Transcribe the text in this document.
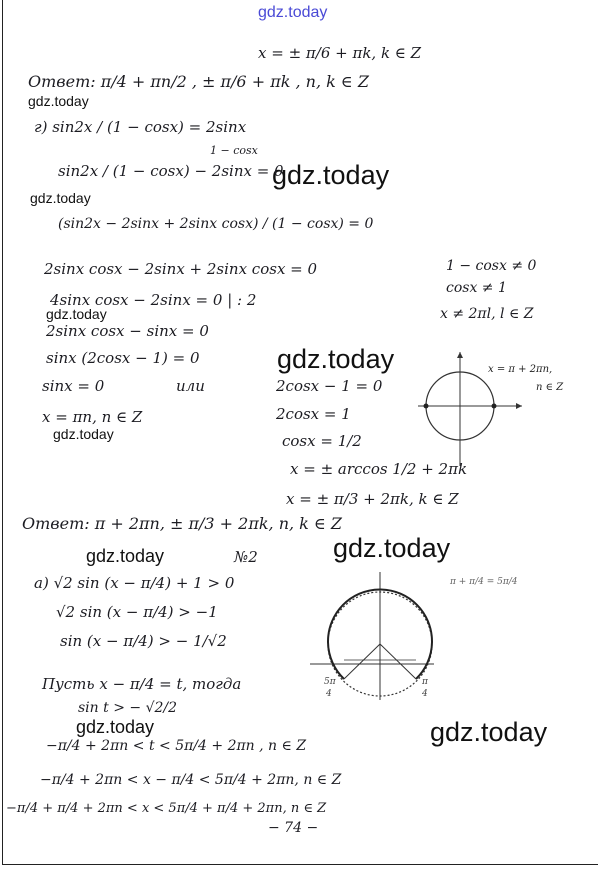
gdz.today
gdz.today
gdz.today
gdz.today
gdz.today
gdz.today
gdz.today
gdz.today
gdz.today
gdz.today	gdz.today
x = ± π/6 + πk, k ∈ Z
Ответ: π/4 + πn/2 , ± π/6 + πk , n, k ∈ Z
г) sin2x / (1 − cosx) = 2sinx
1 − cosx
sin2x / (1 − cosx) − 2sinx = 0
(sin2x − 2sinx + 2sinx cosx) / (1 − cosx) = 0
2sinx cosx − 2sinx + 2sinx cosx = 0	1 − cosx ≠ 0
4sinx cosx − 2sinx = 0 | : 2
cosx ≠ 1
x ≠ 2πl, l ∈ Z
2sinx cosx − sinx = 0
sinx (2cosx − 1) = 0
sinx = 0	или	2cosx − 1 = 0
2cosx = 1
x = πn, n ∈ Z
cosx = 1/2
x = ± arccos 1/2 + 2πk
x = ± π/3 + 2πk, k ∈ Z
Ответ: π + 2πn, ± π/3 + 2πk, n, k ∈ Z
№2
а) √2 sin (x − π/4) + 1 > 0
√2 sin (x − π/4) > −1
sin (x − π/4) > − 1/√2
Пусть x − π/4 = t, тогда
sin t > − √2/2
−π/4 + 2πn < t < 5π/4 + 2πn , n ∈ Z
−π/4 + 2πn < x − π/4 < 5π/4 + 2πn, n ∈ Z
−π/4 + π/4 + 2πn < x < 5π/4 + π/4 + 2πn, n ∈ Z
− 74 −
x = π + 2πn,
n ∈ Z
π + π/4 = 5π/4
5π
4
π
4
